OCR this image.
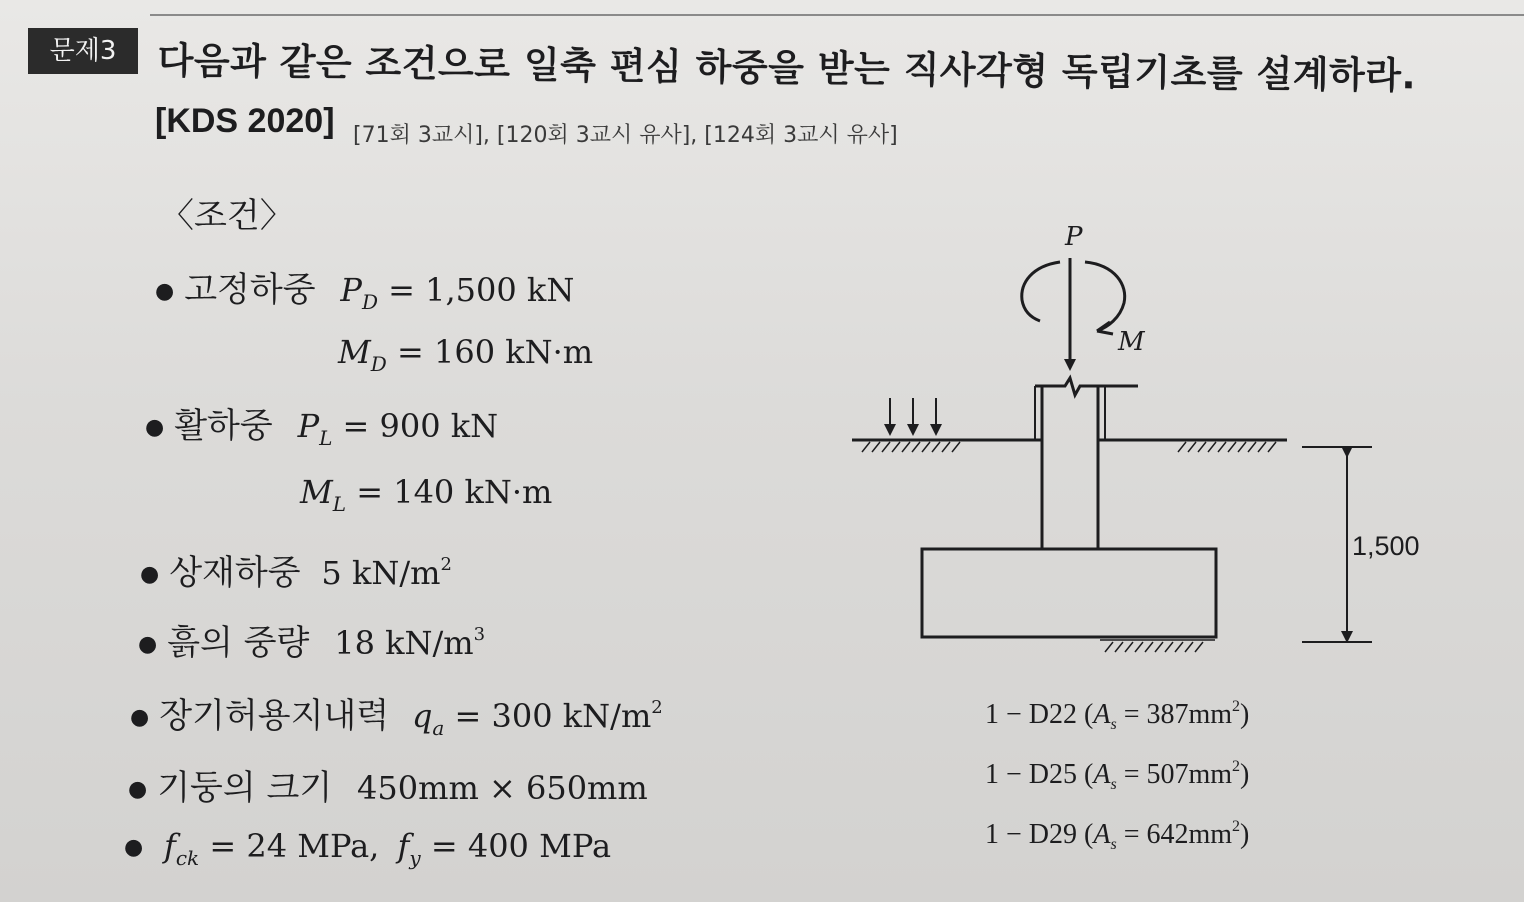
문제3	다음과 같은 조건으로 일축 편심 하중을 받는 직사각형 독립기초를 설계하라.
[KDS 2020] [71회 3교시], [120회 3교시 유사], [124회 3교시 유사]
〈조건〉
● 고정하중 $P_D = 1,500$ kN
$M_D = 160$ kN·m
● 활하중 $P_L = 900$ kN
$M_L = 140$ kN·m
● 상재하중 5 $kN/m^2$
● 흙의 중량 18 $kN/m^3$
● 장기허용지내력 $q_a = 300$ $kN/m^2$
● 기둥의 크기 450mm × 650mm
● $f_{ck} = 24$ MPa, $f_y = 400$ MPa
P
M
1,500
1 − D22 $(A_s = 387mm^2)$
1 − D25 $(A_s = 507mm^2)$
1 − D29 $(A_s = 642mm^2)$
